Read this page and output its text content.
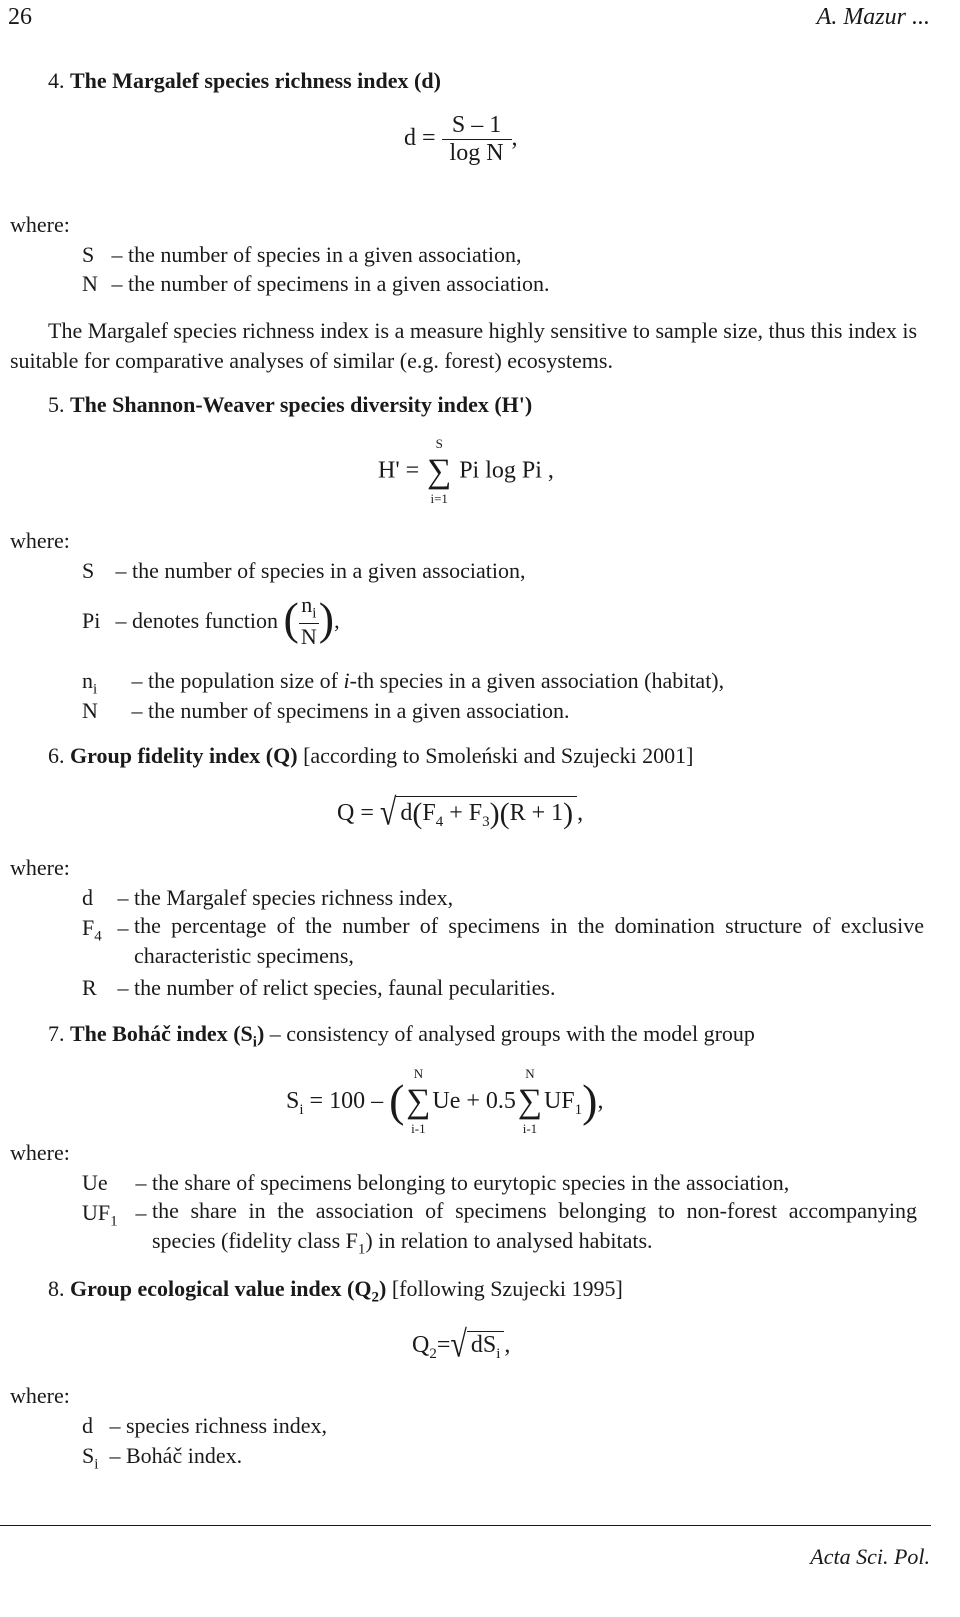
26	A. Mazur ...
4. The Margalef species richness index (d)
$d = \frac{S - 1}{\text{log N}}$ ,
where:
S – the number of species in a given association,
N – the number of specimens in a given association.
The Margalef species richness index is a measure highly sensitive to sample size, thus this index is suitable for comparative analyses of similar (e.g. forest) ecosystems.
5. The Shannon-Weaver species diversity index (H')
H' = ∑
S
i=1
Pi log Pi ,
where:
S – the number of species in a given association,
Pi – denotes function ( $\frac{n_i}{N}$ ),
$n_i$ – the population size of i-th species in a given association (habitat),
N – the number of specimens in a given association.
6. Group fidelity index (Q) [according to Smoleński and Szujecki 2001]
Q = √ $d(F_4 + F_3)(R + 1)$ ,
where:
d – the Margalef species richness index,
$F_4$ – the percentage of the number of specimens in the domination structure of exclusive characteristic specimens,
R – the number of relict species, faunal pecularities.
7. The Boháč index $(S_i)$ – consistency of analysed groups with the model group
$S_i = 100$ – (∑
N
i-1
Ue + 0.5∑
N
i-1
$UF_1$),
where:
Ue – the share of specimens belonging to eurytopic species in the association,
$UF_1$ – the share in the association of specimens belonging to non-forest accompanying species (fidelity class $F_1$) in relation to analysed habitats.
8. Group ecological value index $(Q_2)$ [following Szujecki 1995]
$Q_2=√$ $dS_i$ ,
where:
d – species richness index,
$S_i$ – Boháč index.
Acta Sci. Pol.
